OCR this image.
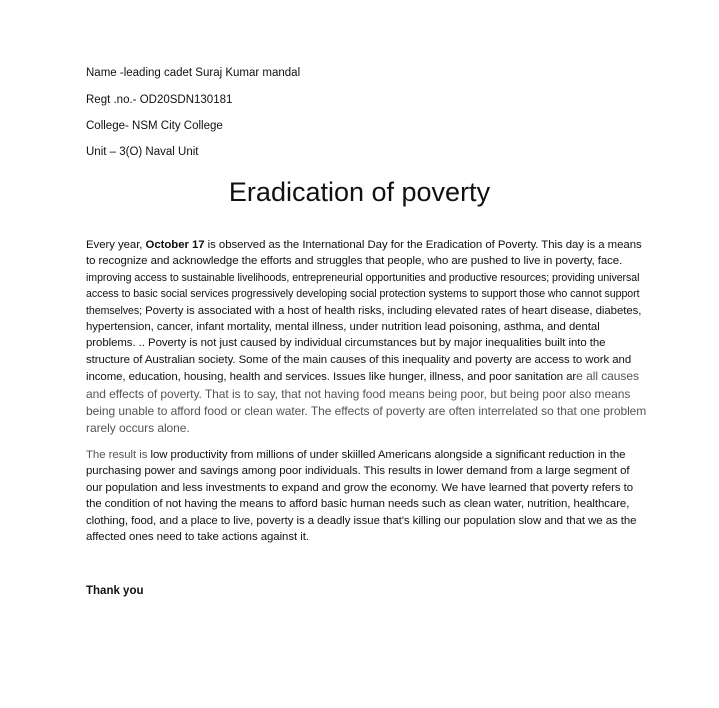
Name -leading cadet Suraj Kumar mandal
Regt .no.- OD20SDN130181
College- NSM City College
Unit – 3(O) Naval Unit
Eradication of poverty

Every year, October 17 is observed as the International Day for the Eradication of Poverty. This day is a means to recognize and acknowledge the efforts and struggles that people, who are pushed to live in poverty, face. improving access to sustainable livelihoods, entrepreneurial opportunities and productive resources; providing universal access to basic social services progressively developing social protection systems to support those who cannot support themselves; Poverty is associated with a host of health risks, including elevated rates of heart disease, diabetes, hypertension, cancer, infant mortality, mental illness, under nutrition lead poisoning, asthma, and dental problems. .. Poverty is not just caused by individual circumstances but by major inequalities built into the structure of Australian society. Some of the main causes of this inequality and poverty are access to work and income, education, housing, health and services. Issues like hunger, illness, and poor sanitation are all causes and effects of poverty. That is to say, that not having food means being poor, but being poor also means being unable to afford food or clean water. The effects of poverty are often interrelated so that one problem rarely occurs alone.

The result is low productivity from millions of under skiilled Americans alongside a significant reduction in the purchasing power and savings among poor individuals. This results in lower demand from a large segment of our population and less investments to expand and grow the economy. We have learned that poverty refers to the condition of not having the means to afford basic human needs such as clean water, nutrition, healthcare, clothing, food, and a place to live, poverty is a deadly issue that's killing our population slow and that we as the affected ones need to take actions against it.

Thank you
